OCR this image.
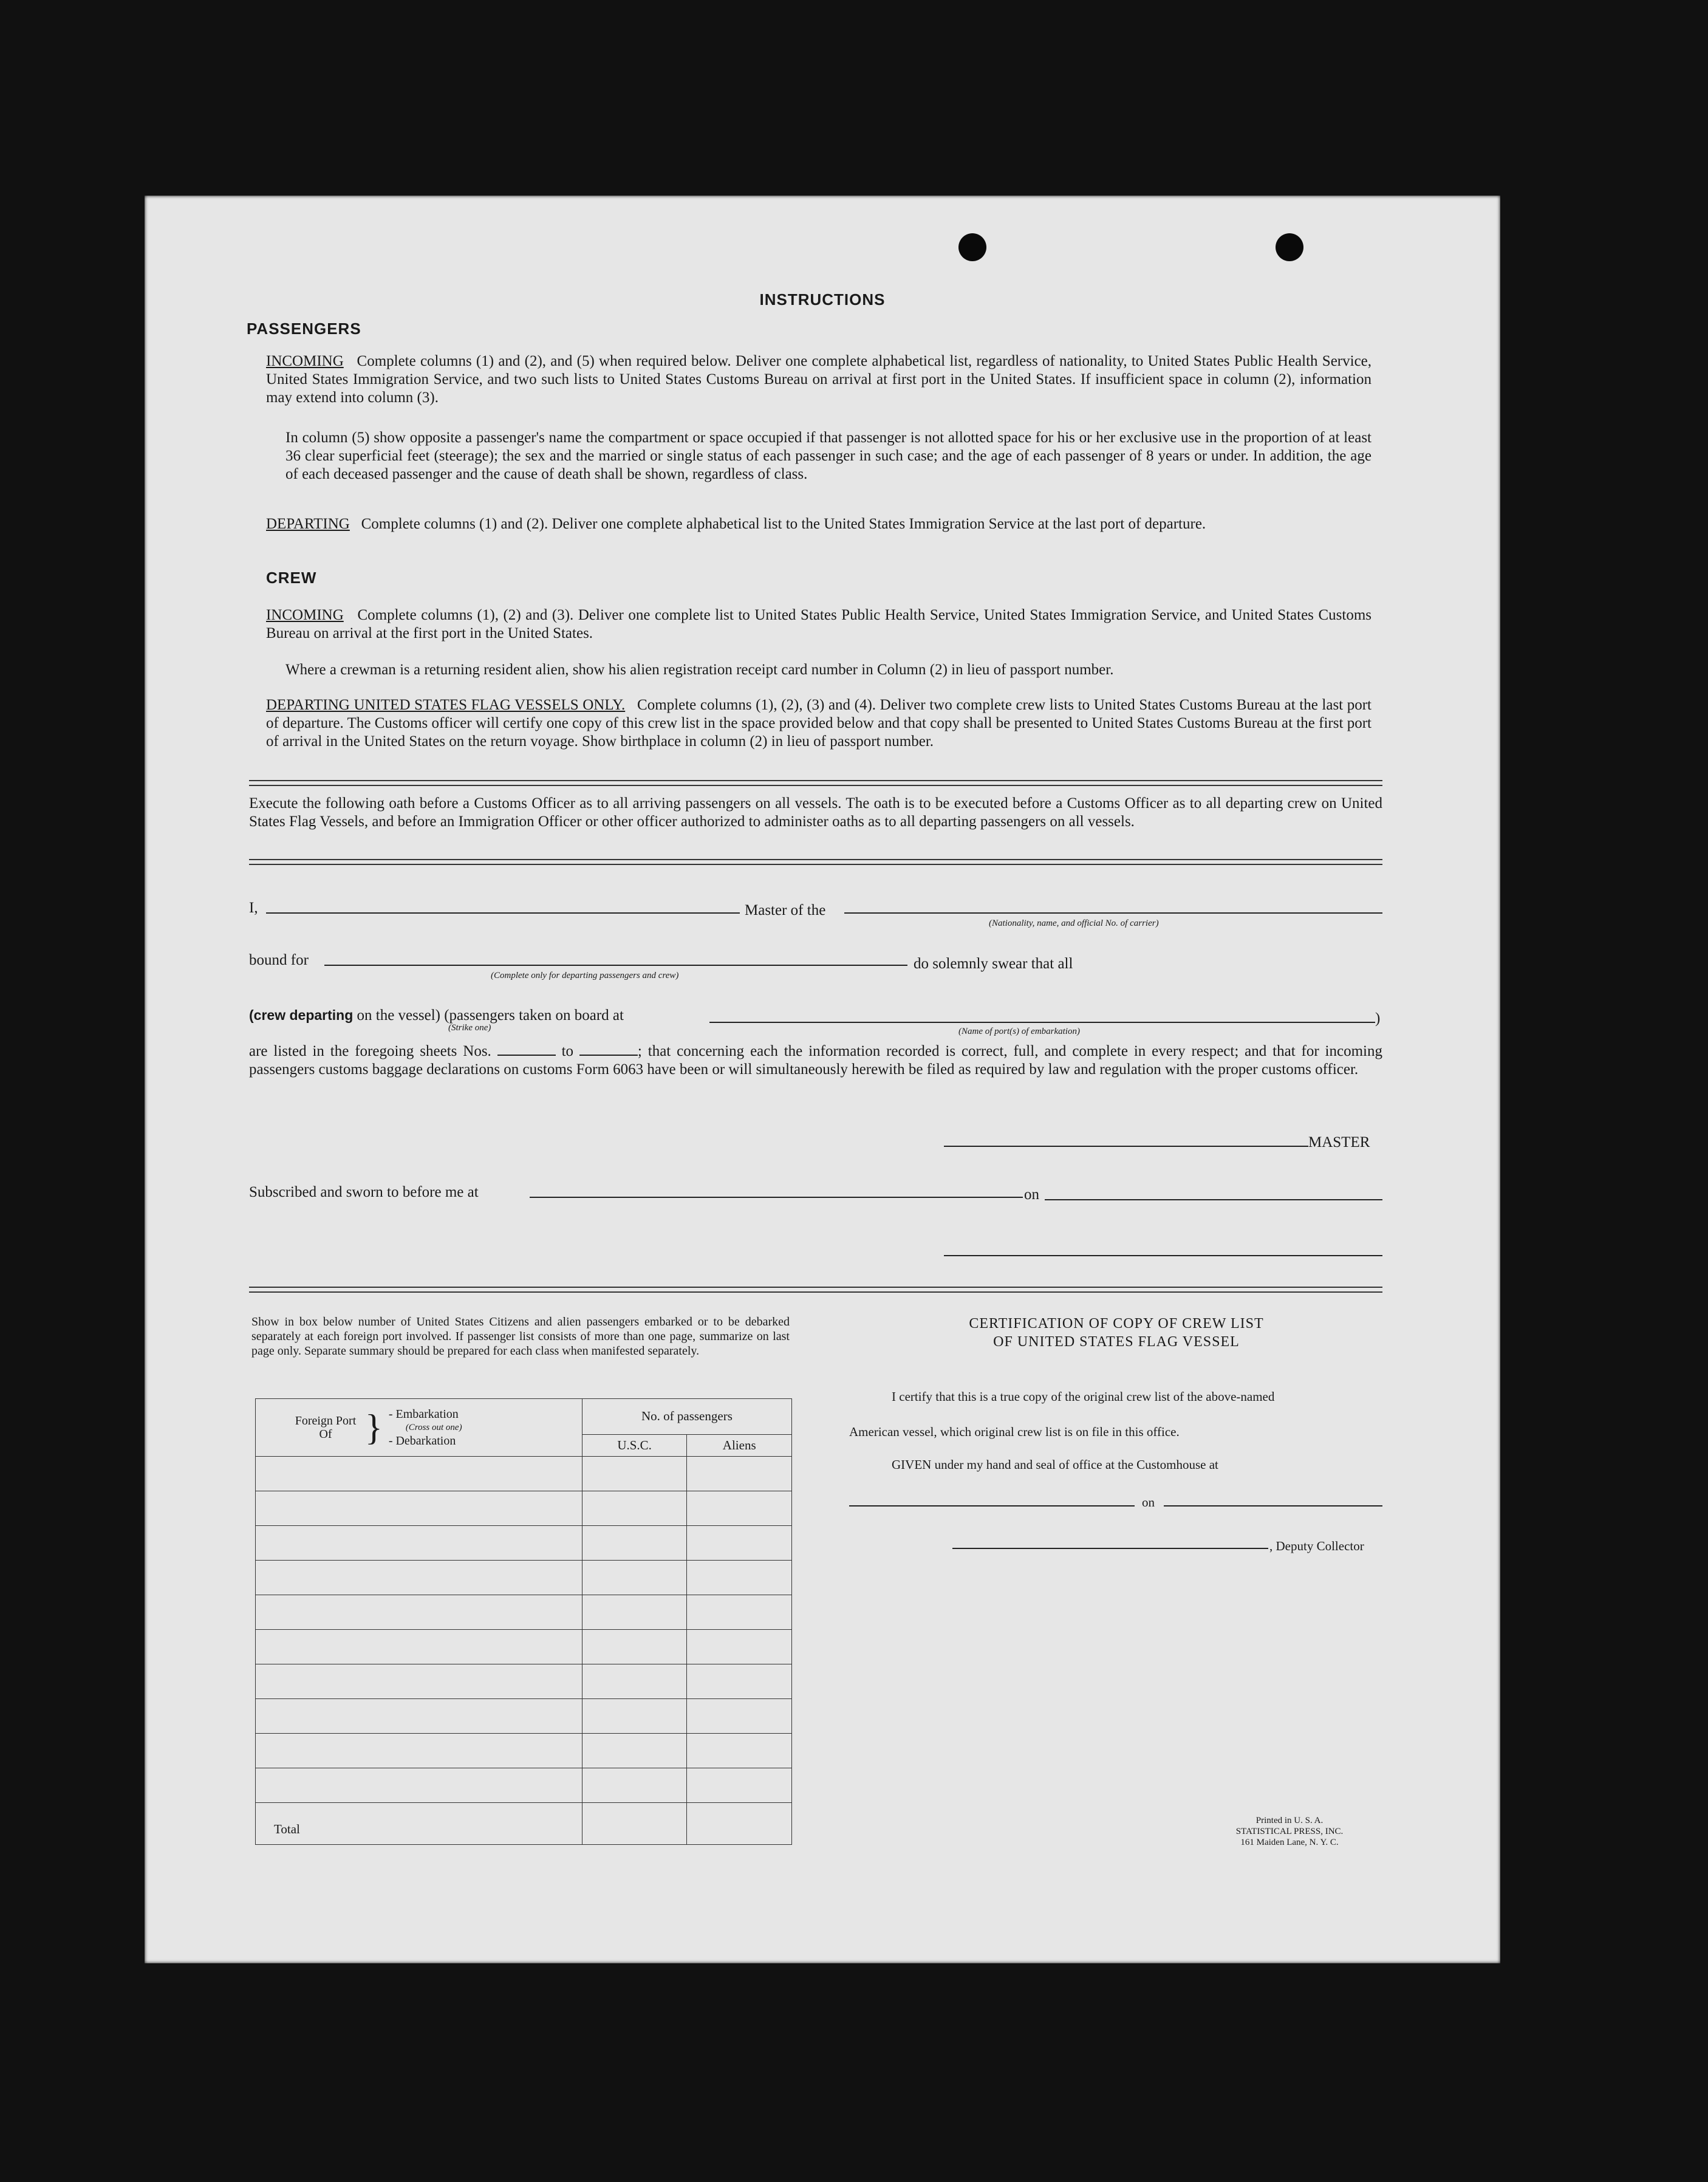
INSTRUCTIONS
PASSENGERS
INCOMING Complete columns (1) and (2), and (5) when required below. Deliver one complete alphabetical list, regardless of nationality, to United States Public Health Service, United States Immigration Service, and two such lists to United States Customs Bureau on arrival at first port in the United States. If insufficient space in column (2), information may extend into column (3).
In column (5) show opposite a passenger's name the compartment or space occupied if that passenger is not allotted space for his or her exclusive use in the proportion of at least 36 clear superficial feet (steerage); the sex and the married or single status of each passenger in such case; and the age of each passenger of 8 years or under. In addition, the age of each deceased passenger and the cause of death shall be shown, regardless of class.
DEPARTING Complete columns (1) and (2). Deliver one complete alphabetical list to the United States Immigration Service at the last port of departure.
CREW
INCOMING Complete columns (1), (2) and (3). Deliver one complete list to United States Public Health Service, United States Immigration Service, and United States Customs Bureau on arrival at the first port in the United States.
Where a crewman is a returning resident alien, show his alien registration receipt card number in Column (2) in lieu of passport number.
DEPARTING UNITED STATES FLAG VESSELS ONLY. Complete columns (1), (2), (3) and (4). Deliver two complete crew lists to United States Customs Bureau at the last port of departure. The Customs officer will certify one copy of this crew list in the space provided below and that copy shall be presented to United States Customs Bureau at the first port of arrival in the United States on the return voyage. Show birthplace in column (2) in lieu of passport number.
Execute the following oath before a Customs Officer as to all arriving passengers on all vessels. The oath is to be executed before a Customs Officer as to all departing crew on United States Flag Vessels, and before an Immigration Officer or other officer authorized to administer oaths as to all departing passengers on all vessels.
I,	Master of the
(Nationality, name, and official No. of carrier)
bound for
(Complete only for departing passengers and crew)
do solemnly swear that all
(crew departing on the vessel) (passengers taken on board at
(Strike one)
)
(Name of port(s) of embarkation)
are listed in the foregoing sheets Nos.	to	; that concerning each the information recorded is correct, full, and complete in every respect; and that for incoming passengers customs baggage declarations on customs Form 6063 have been or will simultaneously herewith be filed as required by law and regulation with the proper customs officer.
MASTER
Subscribed and sworn to before me at	on
Show in box below number of United States Citizens and alien passengers embarked or to be debarked separately at each foreign port involved. If passenger list consists of more than one page, summarize on last page only. Separate summary should be prepared for each class when manifested separately.
Foreign Port Of } - Embarkation
(Cross out one)
- Debarkation	No. of passengers	
	U.S.C.	Aliens

Total		
CERTIFICATION OF COPY OF CREW LIST
OF UNITED STATES FLAG VESSEL
I certify that this is a true copy of the original crew list of the above-named
American vessel, which original crew list is on file in this office.
GIVEN under my hand and seal of office at the Customhouse at
on
, Deputy Collector
Printed in U. S. A.
STATISTICAL PRESS, INC.
161 Maiden Lane, N. Y. C.
